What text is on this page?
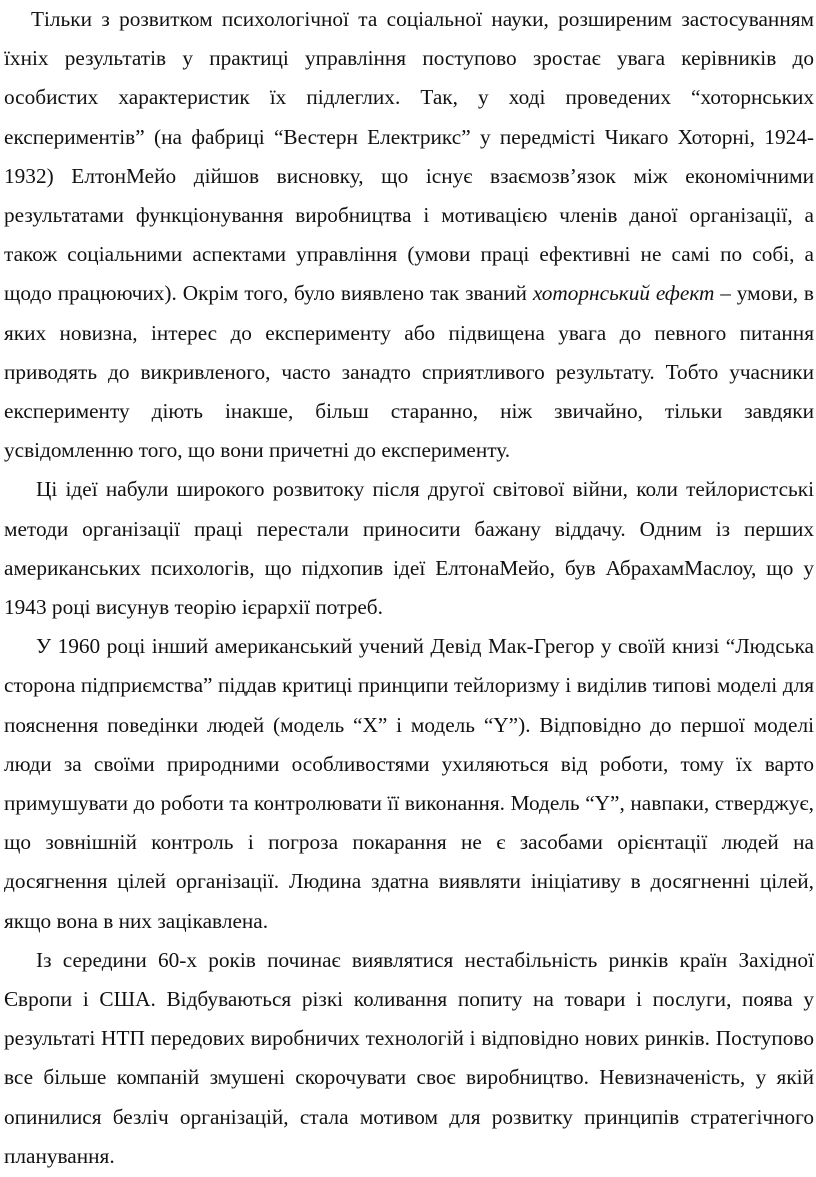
Тільки з розвитком психологічної та соціальної науки, розширеним застосуванням їхніх результатів у практиці управління поступово зростає увага керівників до особистих характеристик їх підлеглих. Так, у ході проведених “хоторнських експериментів” (на фабриці “Вестерн Електрикс” у передмісті Чикаго Хоторні, 1924-1932) ЕлтонМейо дійшов висновку, що існує взаємозв’язок між економічними результатами функціонування виробництва і мотивацією членів даної організації, а також соціальними аспектами управління (умови праці ефективні не самі по собі, а щодо працюючих). Окрім того, було виявлено так званий хоторнський ефект – умови, в яких новизна, інтерес до експерименту або підвищена увага до певного питання приводять до викривленого, часто занадто сприятливого результату. Тобто учасники експерименту діють інакше, більш старанно, ніж звичайно, тільки завдяки усвідомленню того, що вони причетні до експерименту.

Ці ідеї набули широкого розвитоку після другої світової війни, коли тейлористські методи організації праці перестали приносити бажану віддачу. Одним із перших американських психологів, що підхопив ідеї ЕлтонаМейо, був АбрахамМаслоу, що у 1943 році висунув теорію ієрархії потреб.

У 1960 році інший американський учений Девід Мак-Грегор у своїй книзі “Людська сторона підприємства” піддав критиці принципи тейлоризму і виділив типові моделі для пояснення поведінки людей (модель “X” і модель “Y”). Відповідно до першої моделі люди за своїми природними особливостями ухиляються від роботи, тому їх варто примушувати до роботи та контролювати її виконання. Модель “Y”, навпаки, стверджує, що зовнішній контроль і погроза покарання не є засобами орієнтації людей на досягнення цілей організації. Людина здатна виявляти ініціативу в досягненні цілей, якщо вона в них зацікавлена.

Із середини 60-х років починає виявлятися нестабільність ринків країн Західної Європи і США. Відбуваються різкі коливання попиту на товари і послуги, поява у результаті НТП передових виробничих технологій і відповідно нових ринків. Поступово все більше компаній змушені скорочувати своє виробництво. Невизначеність, у якій опинилися безліч організацій, стала мотивом для розвитку принципів стратегічного планування.
